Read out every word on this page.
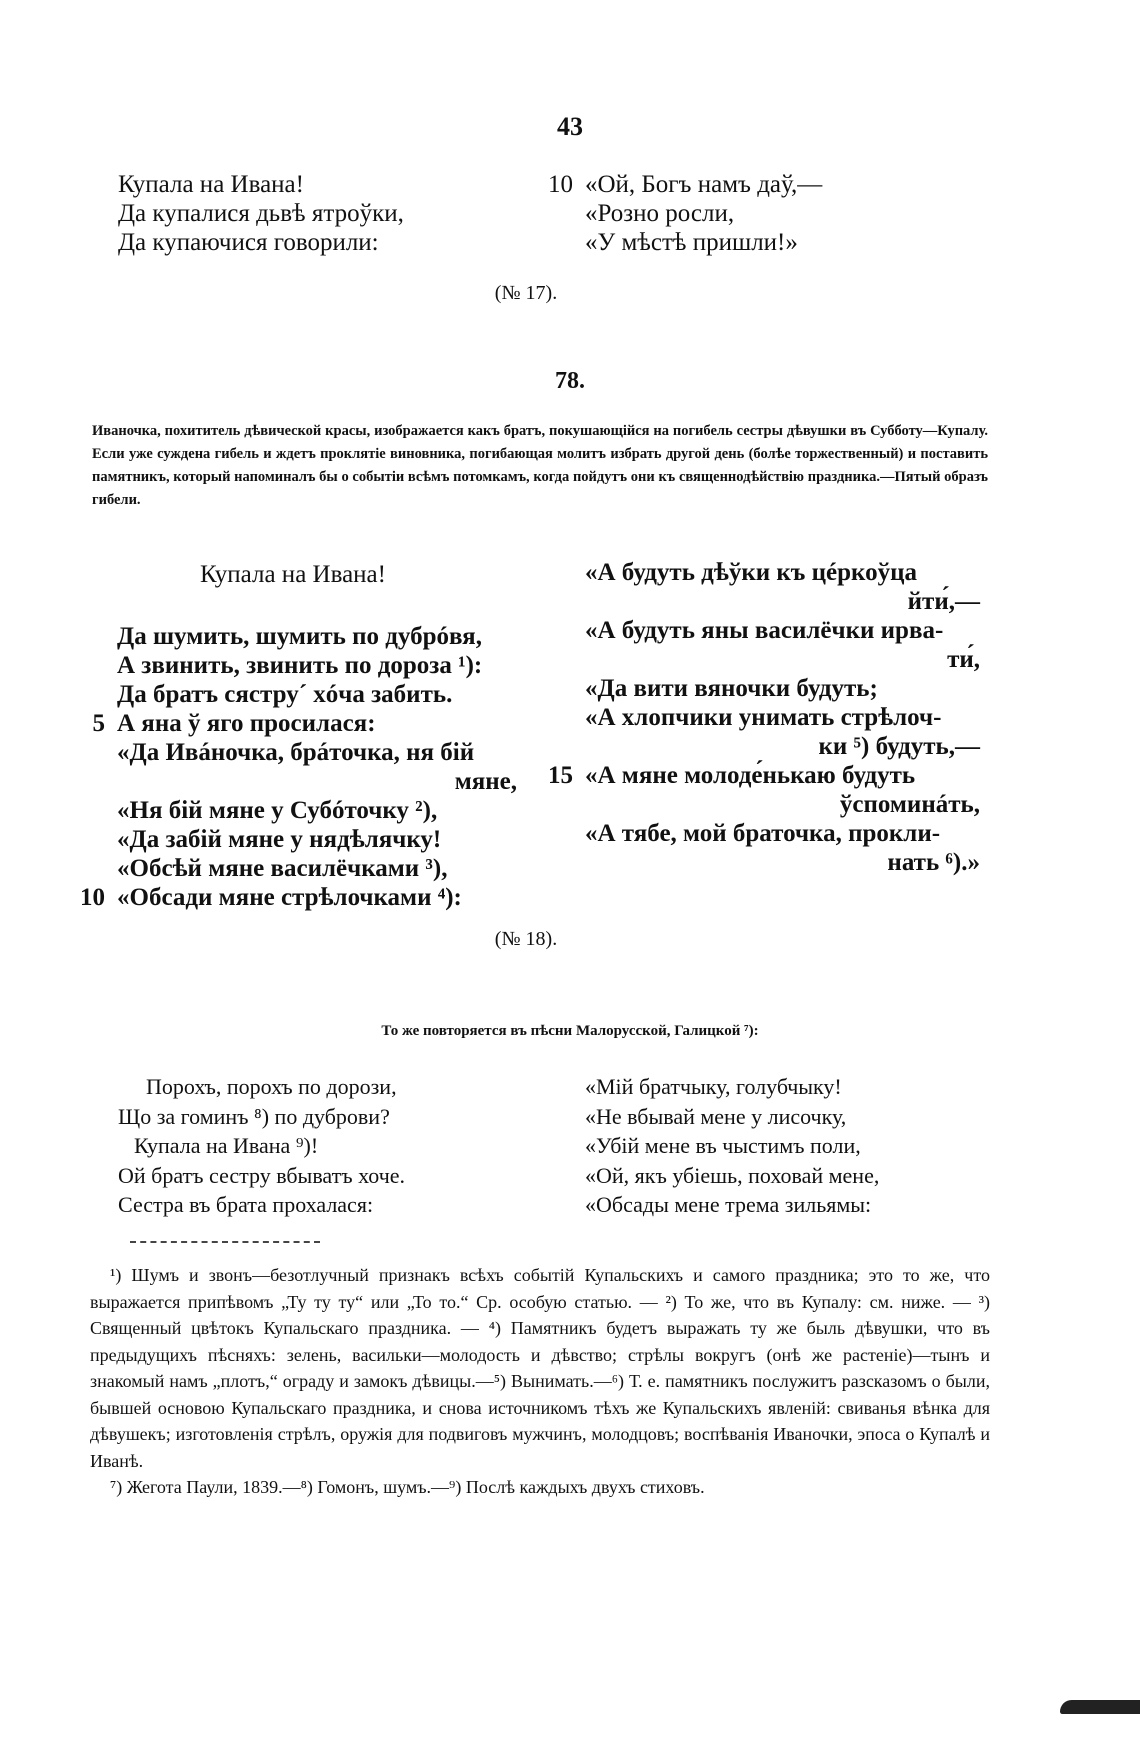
43
Купала на Ивана!
Да купалися дьвѣ ятроўки,
Да купаючися говорили:
10 «Ой, Богъ намъ даў,—
«Розно росли,
«У мѣстѣ пришли!»
(№ 17).
78.
Иваночка, похититель дѣвичеcкой красы, изображается какъ братъ, покушающійся на погибель сестры дѣвушки въ Субботу—Купалу. Если уже суждена гибель и ждетъ проклятіе виновника, погибающая молитъ избрать другой день (болѣе торжественный) и поставить памятникъ, который напоминалъ бы о событіи всѣмъ потомкамъ, когда пойдутъ они къ священнодѣйствію праздника.—Пятый образъ гибели.
Купала на Ивана!
Да шумить, шумить по дубрóвя,
А звинить, звинить по дороза ¹):
Да братъ сяструˊ хóча забить.
5 А яна ў яго просилася:
«Да Ивáночка, брáточка, ня бій
мяне,
«Ня бій мяне у Субóточку ²),
«Да забій мяне у нядѣлячку!
«Обсѣй мяне василёчками ³),
10 «Обсади мяне стрѣлочками ⁴):
«А будуть дѣўки къ цéркоўца
йти́,—
«А будуть яны василёчки ирва-
ти́,
«Да вити вяночки будуть;
«А хлопчики унимать стрѣлоч-
ки ⁵) будуть,—
15 «А мяне молоде́нькаю будуть
ўспоминáть,
«А тябе, мой браточка, прокли-
нать ⁶).»
(№ 18).
То же повторяется въ пѣсни Малорусской, Галицкой ⁷):
Порохъ, порохъ по дорози,
Що за гоминъ ⁸) по дуброви?
Купала на Ивана ⁹)!
Ой братъ сестру вбыватъ хоче.
Сестра въ брата прохалася:
«Мій братчыку, голубчыку!
«Не вбывай мене у лисочку,
«Убій мене въ чыстимъ поли,
«Ой, якъ убіешь, поховай мене,
«Обсады мене трема зильямы:

¹) Шумъ и звонъ—безотлучный признакъ всѣхъ событій Купальскихъ и самого праздника; это то же, что выражается припѣвомъ „Ту ту ту“ или „То то.“ Ср. особую статью. — ²) То же, что въ Купалу: см. ниже. — ³) Священный цвѣтокъ Купальскаго праздника. — ⁴) Памятникъ будетъ выражать ту же быль дѣвушки, что въ предыдущихъ пѣсняхъ: зелень, васильки—молодость и дѣвство; стрѣлы вокругъ (онѣ же растеніе)—тынъ и знакомый намъ „плотъ,“ ограду и замокъ дѣвицы.—⁵) Вынимать.—⁶) Т. е. памятникъ послужитъ разсказомъ о были, бывшей основою Купальскаго праздника, и снова источникомъ тѣхъ же Купальскихъ явленій: свиванья вѣнка для дѣвушекъ; изготовленія стрѣлъ, оружія для подвиговъ мужчинъ, молодцовъ; воспѣванія Иваночки, эпоса о Купалѣ и Иванѣ.

⁷) Жегота Паули, 1839.—⁸) Гомонъ, шумъ.—⁹) Послѣ каждыхъ двухъ стиховъ.
